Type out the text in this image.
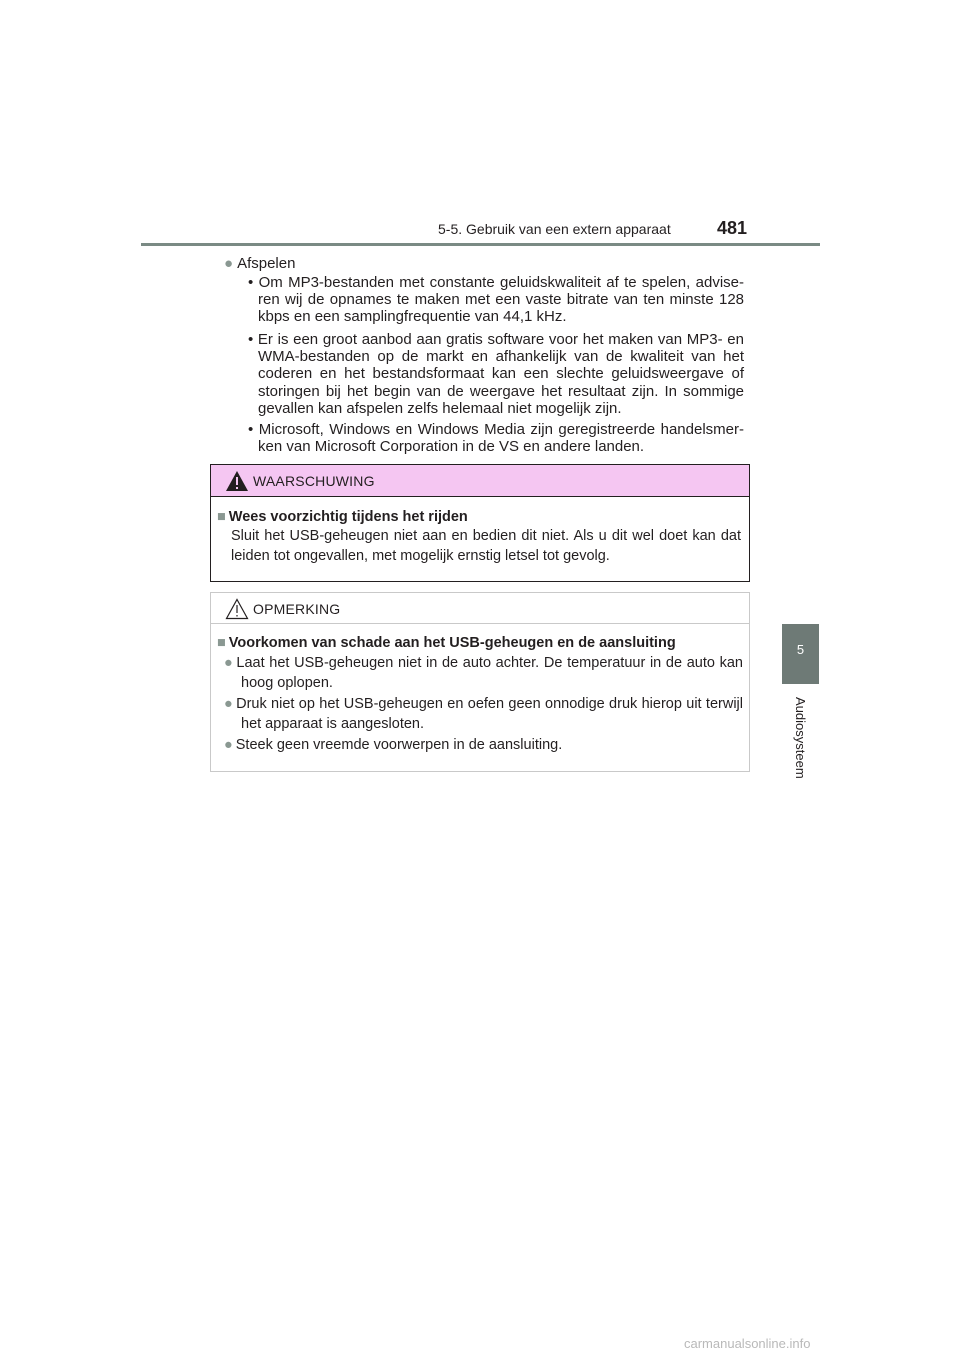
5-5. Gebruik van een extern apparaat	481
5
Audiosysteem
● Afspelen
• Om MP3-bestanden met constante geluidskwaliteit af te spelen, advise-ren wij de opnames te maken met een vaste bitrate van ten minste 128 kbps en een samplingfrequentie van 44,1 kHz.
• Er is een groot aanbod aan gratis software voor het maken van MP3- en WMA-bestanden op de markt en afhankelijk van de kwaliteit van het coderen en het bestandsformaat kan een slechte geluidsweergave of storingen bij het begin van de weergave het resultaat zijn. In sommige gevallen kan afspelen zelfs helemaal niet mogelijk zijn.
• Microsoft, Windows en Windows Media zijn geregistreerde handelsmer-ken van Microsoft Corporation in de VS en andere landen.
WAARSCHUWING
■ Wees voorzichtig tijdens het rijden
Sluit het USB-geheugen niet aan en bedien dit niet. Als u dit wel doet kan dat leiden tot ongevallen, met mogelijk ernstig letsel tot gevolg.
OPMERKING
■ Voorkomen van schade aan het USB-geheugen en de aansluiting
● Laat het USB-geheugen niet in de auto achter. De temperatuur in de auto kan hoog oplopen.
● Druk niet op het USB-geheugen en oefen geen onnodige druk hierop uit terwijl het apparaat is aangesloten.
● Steek geen vreemde voorwerpen in de aansluiting.
carmanualsonline.info
